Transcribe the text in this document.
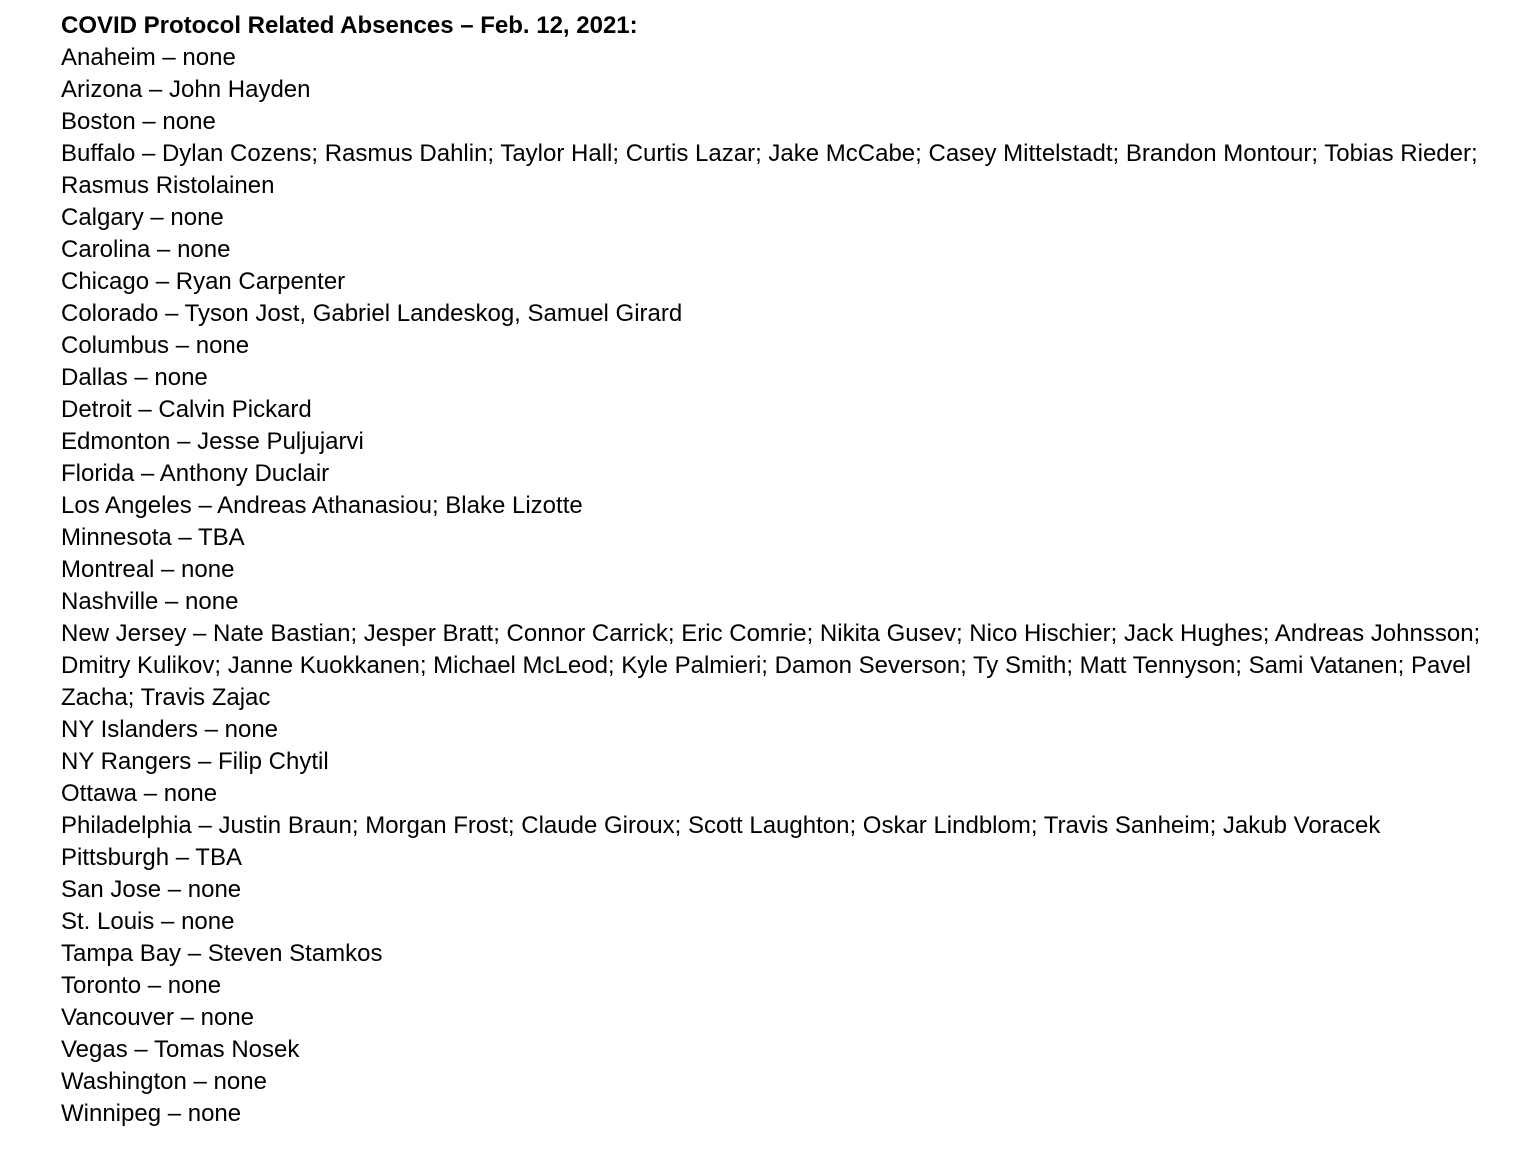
COVID Protocol Related Absences – Feb. 12, 2021:

Anaheim – none

Arizona – John Hayden

Boston – none

Buffalo – Dylan Cozens; Rasmus Dahlin; Taylor Hall; Curtis Lazar; Jake McCabe; Casey Mittelstadt; Brandon Montour; Tobias Rieder; Rasmus Ristolainen

Calgary – none

Carolina – none

Chicago – Ryan Carpenter

Colorado – Tyson Jost, Gabriel Landeskog, Samuel Girard

Columbus – none

Dallas – none

Detroit – Calvin Pickard

Edmonton – Jesse Puljujarvi

Florida – Anthony Duclair

Los Angeles – Andreas Athanasiou; Blake Lizotte

Minnesota – TBA

Montreal – none

Nashville – none

New Jersey – Nate Bastian; Jesper Bratt; Connor Carrick; Eric Comrie; Nikita Gusev; Nico Hischier; Jack Hughes; Andreas Johnsson; Dmitry Kulikov; Janne Kuokkanen; Michael McLeod; Kyle Palmieri; Damon Severson; Ty Smith; Matt Tennyson; Sami Vatanen; Pavel Zacha; Travis Zajac

NY Islanders – none

NY Rangers – Filip Chytil

Ottawa – none

Philadelphia – Justin Braun; Morgan Frost; Claude Giroux; Scott Laughton; Oskar Lindblom; Travis Sanheim; Jakub Voracek

Pittsburgh – TBA

San Jose – none

St. Louis – none

Tampa Bay – Steven Stamkos

Toronto – none

Vancouver – none

Vegas – Tomas Nosek

Washington – none

Winnipeg – none
